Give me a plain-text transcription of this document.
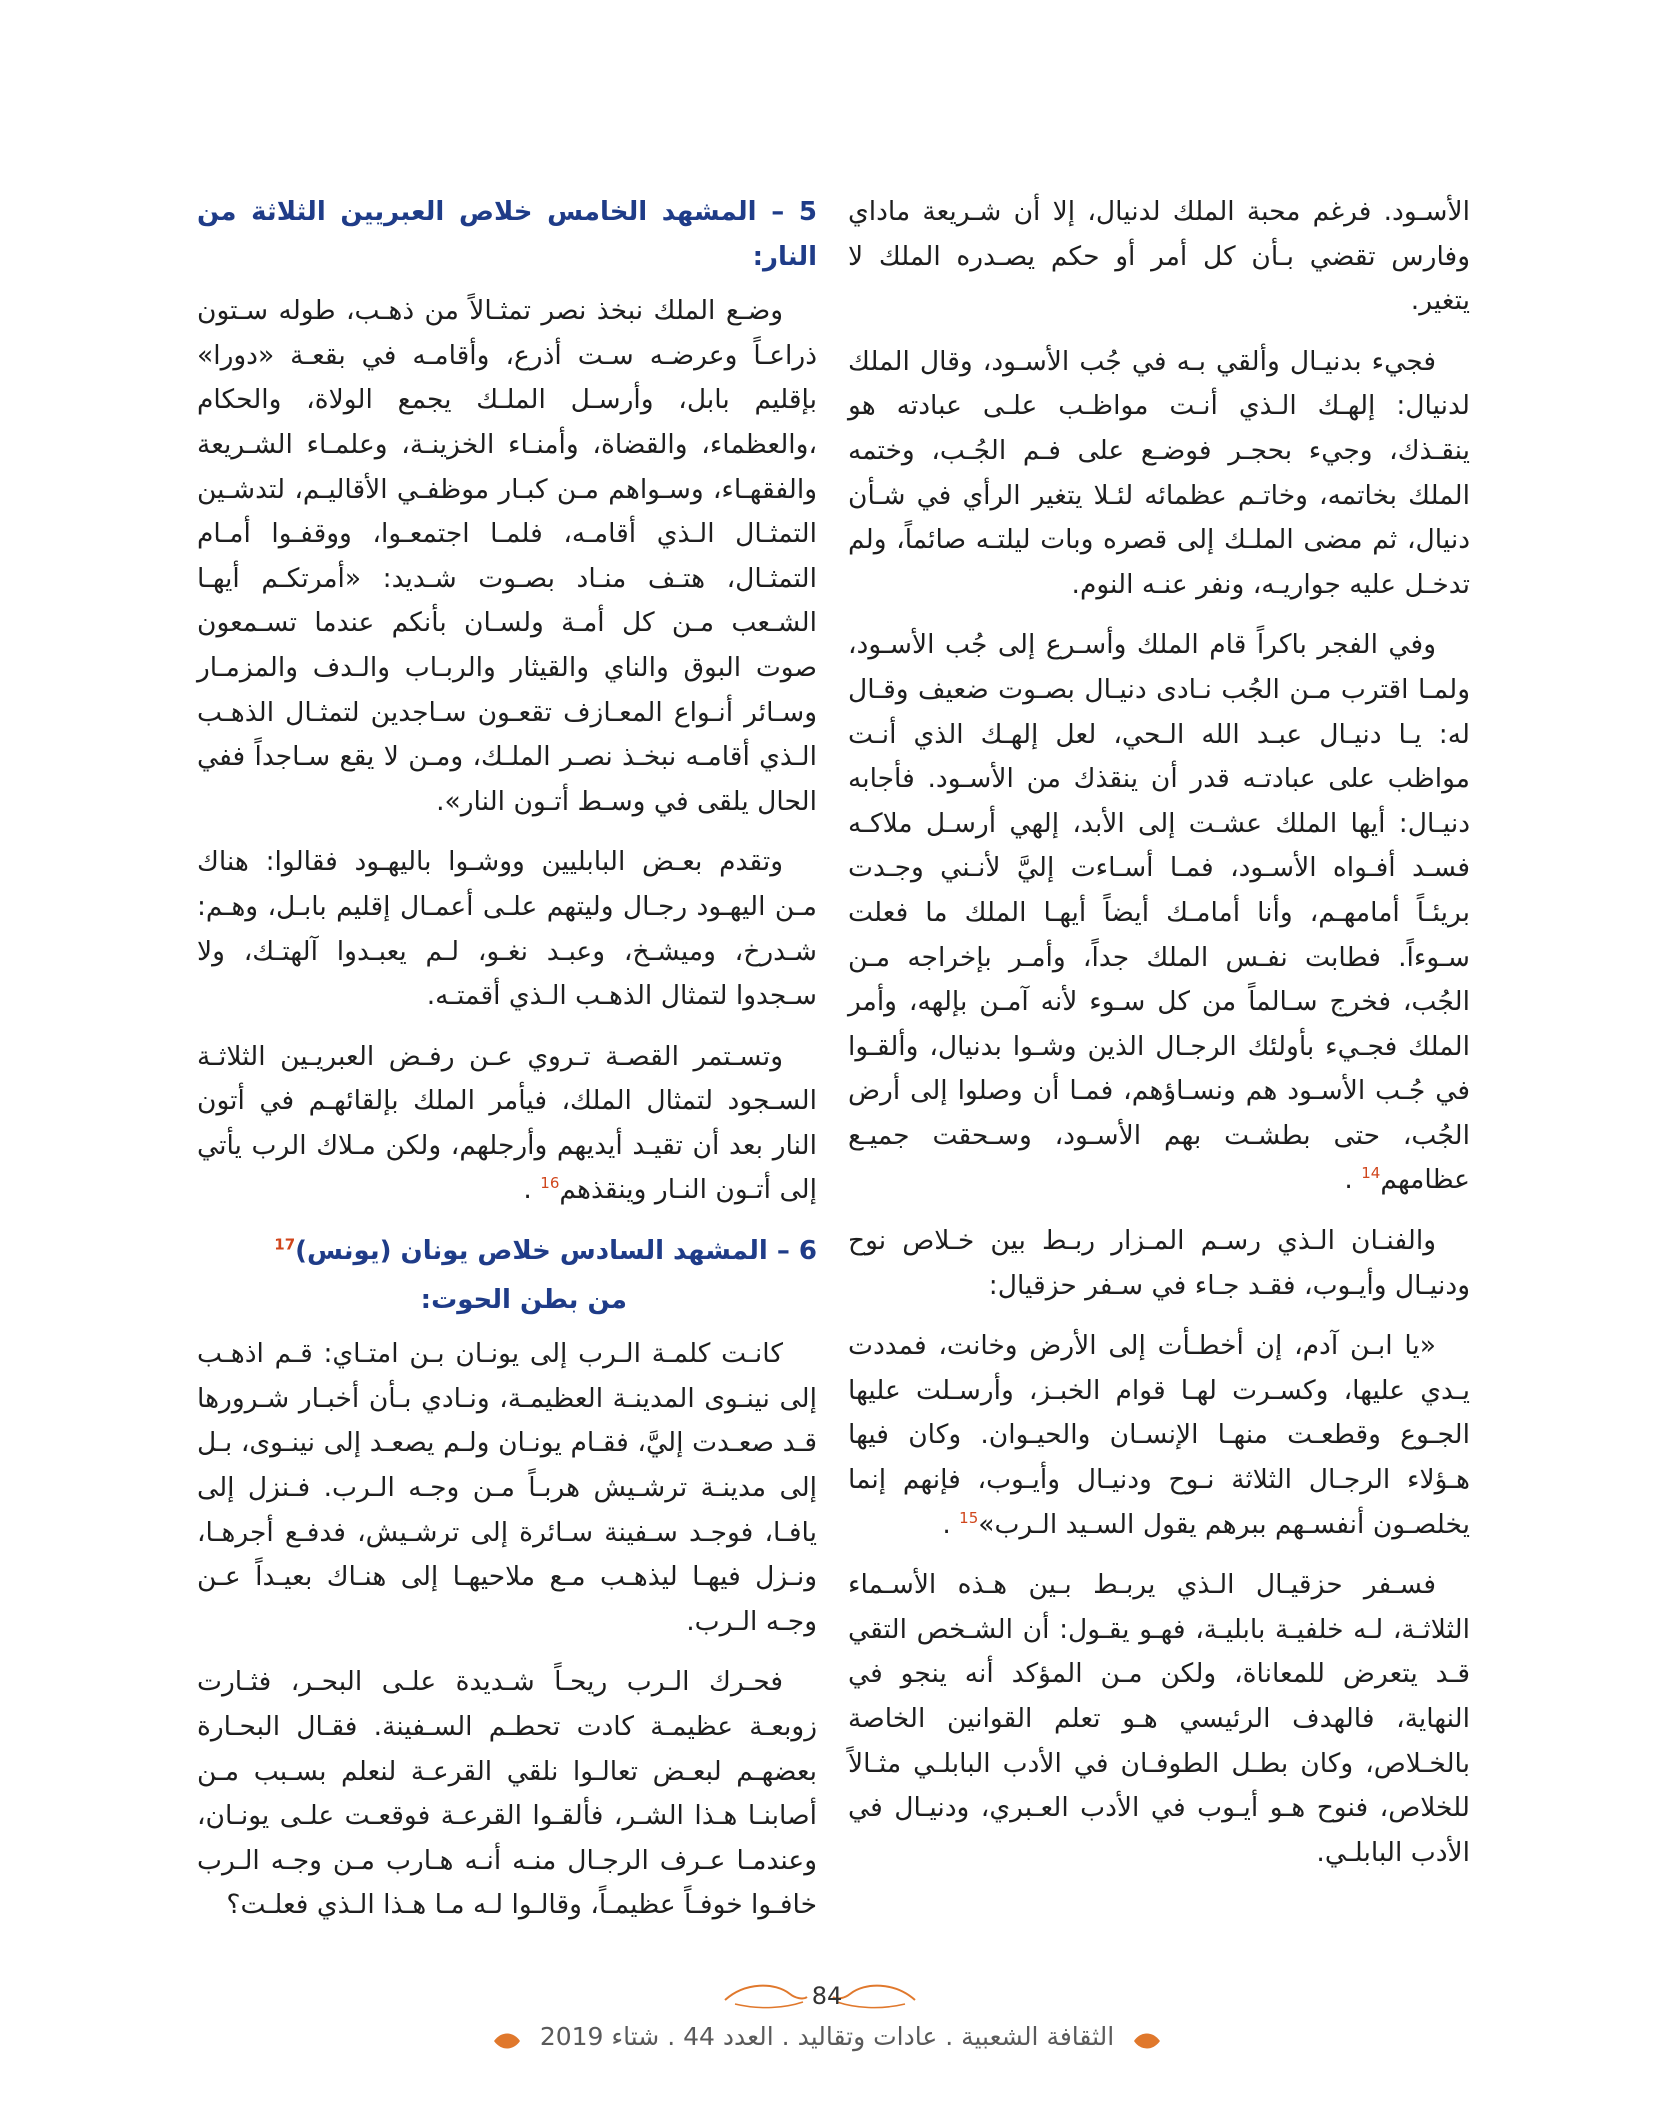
الأسـود. فرغم محبة الملك لدنيال، إلا أن شـريعة ماداي وفارس تقضي بـأن كل أمر أو حكم يصـدره الملك لا يتغير.

فجيء بدنيـال وألقي بـه في جُب الأسـود، وقال الملك لدنيال: إلهـك الـذي أنـت مواظـب علـى عبادته هو ينقـذك، وجيء بحجـر فوضـع على فـم الجُـب، وختمه الملك بخاتمه، وخاتـم عظمائه لئـلا يتغير الرأي في شـأن دنيال، ثم مضى الملـك إلى قصره وبات ليلتـه صائماً، ولم تدخـل عليه جواريـه، ونفر عنـه النوم.

وفي الفجر باكراً قام الملك وأسـرع إلى جُب الأسـود، ولمـا اقترب مـن الجُب نـادى دنيـال بصـوت ضعيف وقـال له: يـا دنيـال عبـد الله الـحي، لعل إلهـك الذي أنـت مواظب على عبادتـه قدر أن ينقذك من الأسـود. فأجابه دنيـال: أيها الملك عشـت إلى الأبد، إلهي أرسـل ملاكـه فسـد أفـواه الأسـود، فمـا أسـاءت إليَّ لأنـني وجـدت بريئـاً أمامهـم، وأنا أمامـك أيضاً أيهـا الملك ما فعلت سـوءاً. فطابت نفـس الملك جداً، وأمـر بإخراجه مـن الجُب، فخرج سـالماً من كل سـوء لأنه آمـن بإلهه، وأمر الملك فجـيء بأولئك الرجـال الذين وشـوا بدنيال، وألقـوا في جُـب الأسـود هم ونسـاؤهم، فمـا أن وصلوا إلى أرض الجُب، حتى بطشـت بهم الأسـود، وسـحقت جميـع عظامهم$^{14}$ .

والفنـان الـذي رسـم المـزار ربـط بين خـلاص نوح ودنيـال وأيـوب، فقـد جـاء في سـفر حزقيال:

«يا ابـن آدم، إن أخطـأت إلى الأرض وخانت، فمددت يـدي عليها، وكسـرت لهـا قوام الخبـز، وأرسـلت عليها الجـوع وقطعـت منهـا الإنسـان والحيـوان. وكان فيها هـؤلاء الرجـال الثلاثة نـوح ودنيـال وأيـوب، فإنهم إنما يخلصـون أنفسـهم ببرهم يقول السـيد الـرب»$^{15}$ .

فسـفر حزقيـال الـذي يربـط بـين هـذه الأسـماء الثلاثـة، لـه خلفيـة بابليـة، فهـو يقـول: أن الشـخص التقي قـد يتعرض للمعاناة، ولكن مـن المؤكد أنه ينجو في النهاية، فالهدف الرئيسي هـو تعلم القوانين الخاصة بالخـلاص، وكان بطـل الطوفـان في الأدب البابلـي مثـالاً للخلاص، فنوح هـو أيـوب في الأدب العـبري، ودنيـال في الأدب البابلـي.

5 – المشهد الخامس خلاص العبريين الثلاثة من النار:

وضـع الملك نبخذ نصر تمثـالاً من ذهـب، طوله سـتون ذراعـاً وعرضـه سـت أذرع، وأقامـه في بقعـة «دورا» بإقليم بابل، وأرسـل الملـك يجمع الولاة، والحكام ،والعظماء، والقضاة، وأمنـاء الخزينـة، وعلمـاء الشـريعة والفقهـاء، وسـواهم مـن كبـار موظفـي الأقاليـم، لتدشـين التمثـال الـذي أقامـه، فلمـا اجتمعـوا، ووقفـوا أمـام التمثـال، هتـف منـاد بصـوت شـديد: «أمرتكـم أيهـا الشـعب مـن كل أمـة ولسـان بأنكم عندما تسـمعون صوت البوق والناي والقيثار والربـاب والـدف والمزمـار وسـائر أنـواع المعـازف تقعـون سـاجدين لتمثـال الذهـب الـذي أقامـه نبخـذ نصـر الملـك، ومـن لا يقع سـاجداً ففي الحال يلقى في وسـط أتـون النار».

وتقدم بعـض البابليين ووشـوا باليهـود فقالوا: هناك مـن اليهـود رجـال وليتهم علـى أعمـال إقليم بابـل، وهـم: شـدرخ، وميشـخ، وعبـد نغـو، لـم يعبـدوا آلهتـك، ولا سـجدوا لتمثال الذهـب الـذي أقمتـه.

وتسـتمر القصـة تـروي عـن رفـض العبريـين الثلاثـة السـجود لتمثال الملك، فيأمر الملك بإلقائهـم في أتون النار بعد أن تقيـد أيديهم وأرجلهم، ولكن مـلاك الرب يأتي إلى أتـون النـار وينقذهم$^{16}$ .

6 – المشهد السادس خلاص يونان (يونس)$^{17}$
من بطن الحوت:

كانـت كلمـة الـرب إلى يونـان بـن امتـاي: قـم اذهـب إلى نينـوى المدينـة العظيمـة، ونـادي بـأن أخبـار شـرورها قـد صعـدت إليَّ، فقـام يونـان ولـم يصعـد إلى نينـوى، بـل إلى مدينـة ترشـيش هربـاً مـن وجـه الـرب. فـنزل إلى يافـا، فوجـد سـفينة سـائرة إلى ترشـيش، فدفـع أجرهـا، ونـزل فيهـا ليذهـب مـع ملاحيهـا إلى هنـاك بعيـداً عـن وجـه الـرب.

فحـرك الـرب ريحـاً شـديدة علـى البحـر، فثـارت زوبعـة عظيمـة كادت تحطـم السـفينة. فقـال البحـارة بعضهـم لبعـض تعالـوا نلقي القرعـة لنعلم بسـبب مـن أصابنـا هـذا الشـر، فألقـوا القرعـة فوقعـت علـى يونـان، وعندمـا عـرف الرجـال منـه أنـه هـارب مـن وجـه الـرب خافـوا خوفـاً عظيمـاً، وقالـوا لـه مـا هـذا الـذي فعلـت؟

84
الثقافة الشعبية . عادات وتقاليد . العدد 44 . شتاء 2019
